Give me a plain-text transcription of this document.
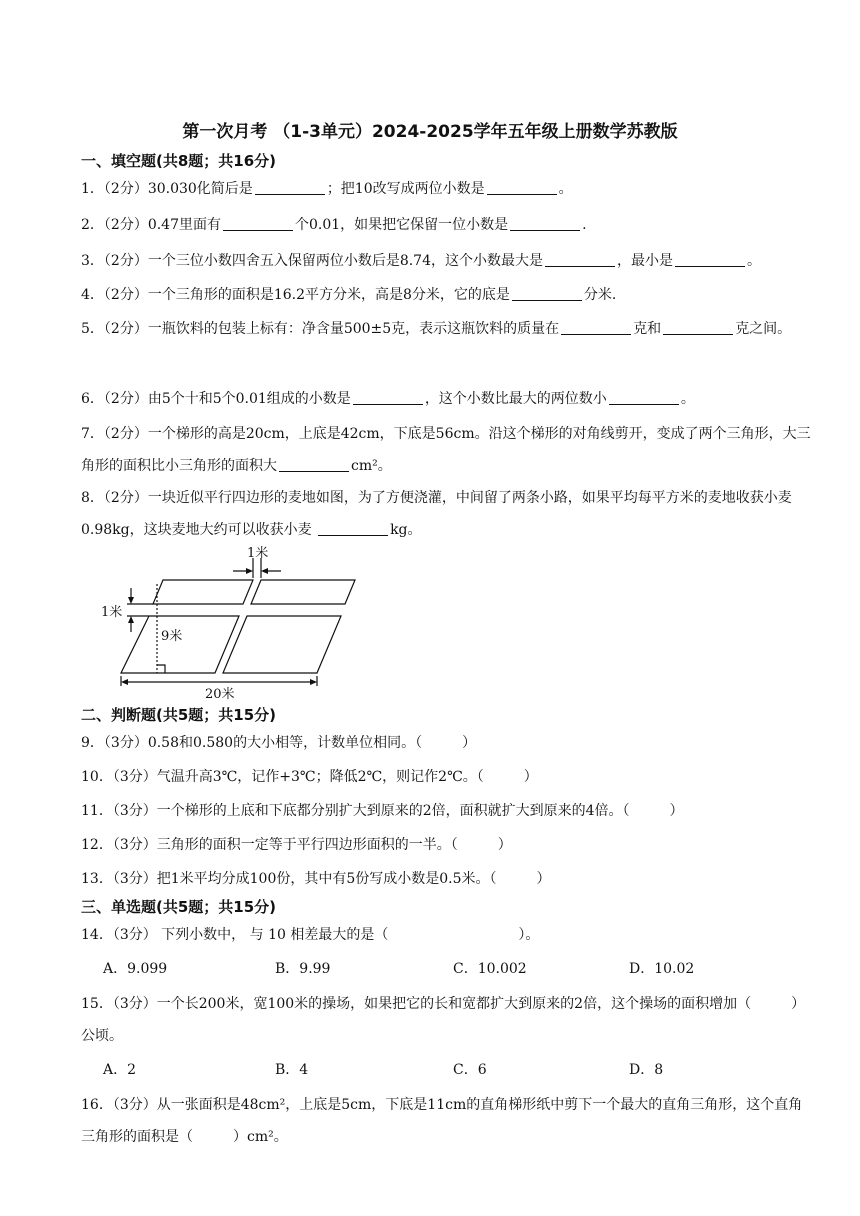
第一次月考 （1-3单元）2024-2025学年五年级上册数学苏教版
一、填空题(共8题；共16分)
1．（2分）30.030化简后是	；把10改写成两位小数是	。
2．（2分）0.47里面有	个0.01，如果把它保留一位小数是	.
3．（2分）一个三位小数四舍五入保留两位小数后是8.74，这个小数最大是	，最小是	。
4．（2分）一个三角形的面积是16.2平方分米，高是8分米，它的底是	分米.
5．（2分）一瓶饮料的包装上标有：净含量500±5克，表示这瓶饮料的质量在	克和	克之间。
6．（2分）由5个十和5个0.01组成的小数是	，这个小数比最大的两位数小	。
7．（2分）一个梯形的高是20cm，上底是42cm，下底是56cm。沿这个梯形的对角线剪开，变成了两个三角形，大三角形的面积比小三角形的面积大	cm²。
8．（2分）一块近似平行四边形的麦地如图，为了方便浇灌，中间留了两条小路，如果平均每平方米的麦地收获小麦0.98kg，这块麦地大约可以收获小麦	kg。
1米
1米
9米
20米
二、判断题(共5题；共15分)
9．（3分）0.58和0.580的大小相等，计数单位相同。（	）
10．（3分）气温升高3℃，记作+3℃；降低2℃，则记作2℃。（	）
11．（3分）一个梯形的上底和下底都分别扩大到原来的2倍，面积就扩大到原来的4倍。（	）
12．（3分）三角形的面积一定等于平行四边形面积的一半。（	）
13．（3分）把1米平均分成100份，其中有5份写成小数是0.5米。（	）
三、单选题(共5题；共15分)
14．（3分） 下列小数中， 与 10 相差最大的是（	）。
A．9.099	B．9.99	C．10.002	D．10.02
15．（3分）一个长200米，宽100米的操场，如果把它的长和宽都扩大到原来的2倍，这个操场的面积增加（	）公顷。
A．2	B．4	C．6	D．8
16．（3分）从一张面积是48cm²，上底是5cm，下底是11cm的直角梯形纸中剪下一个最大的直角三角形，这个直角三角形的面积是（	）cm²。
